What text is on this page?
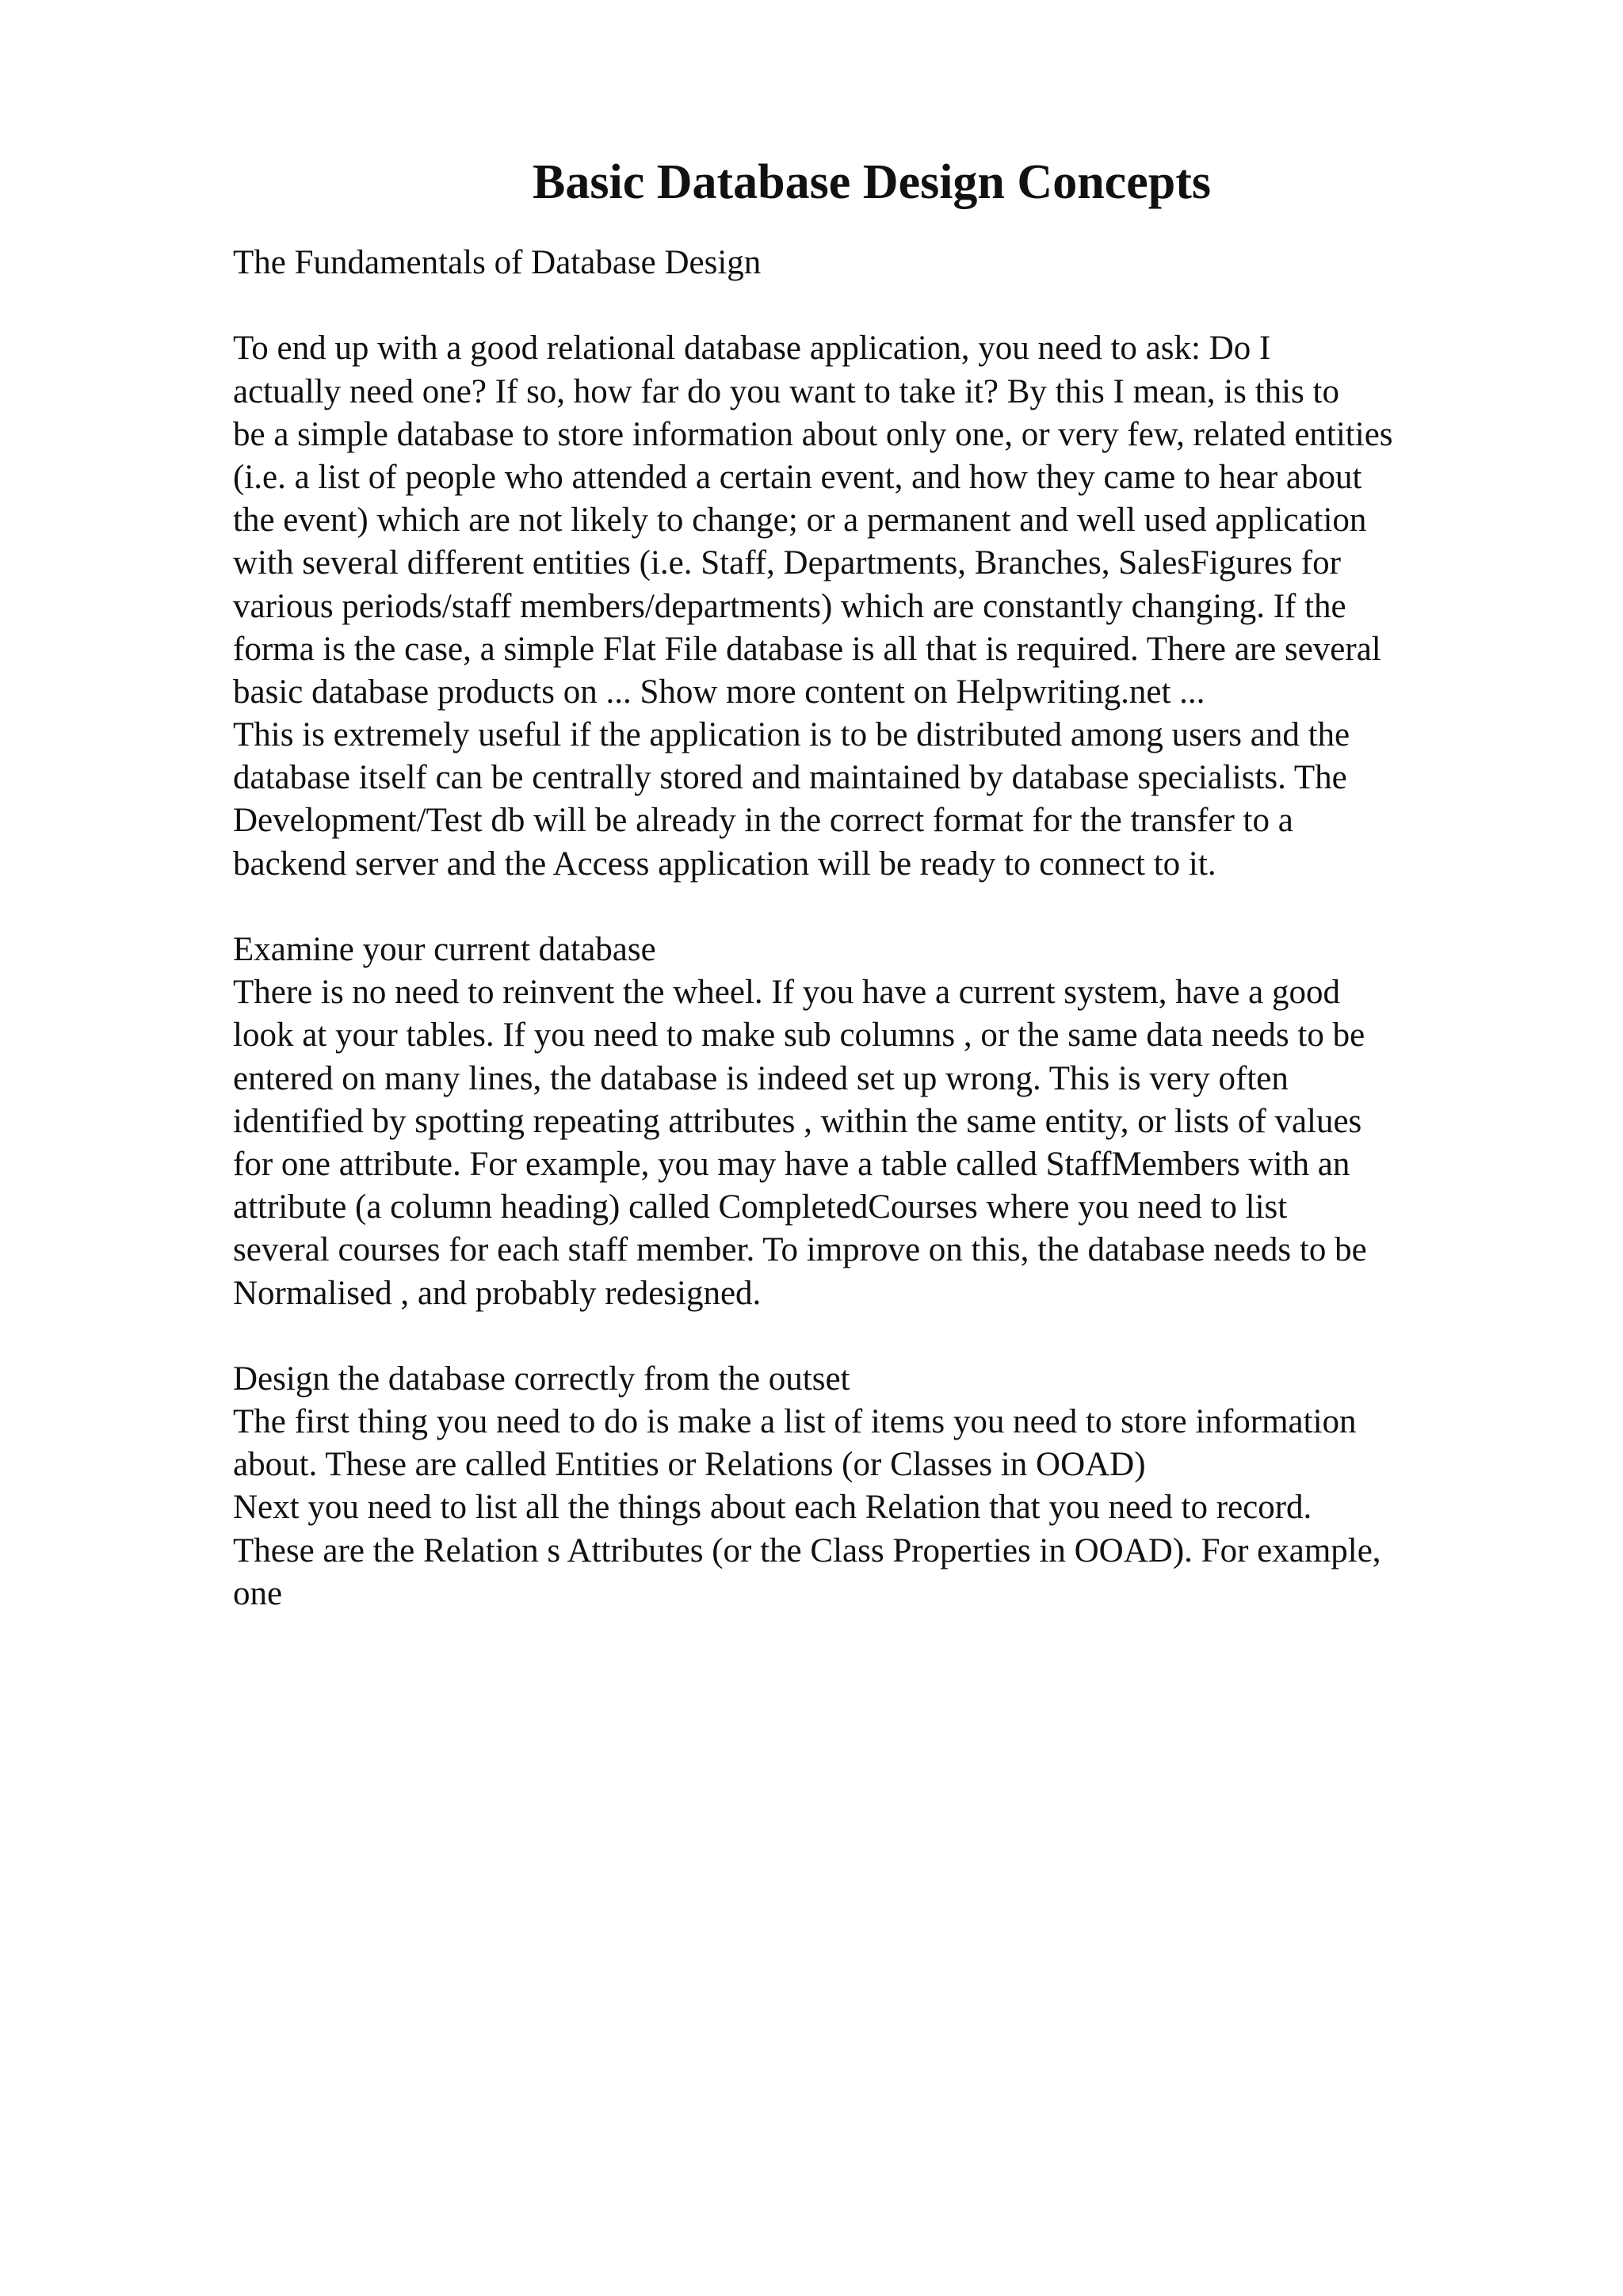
Basic Database Design Concepts
The Fundamentals of Database Design
To end up with a good relational database application, you need to ask: Do I
actually need one? If so, how far do you want to take it? By this I mean, is this to
be a simple database to store information about only one, or very few, related entities
(i.e. a list of people who attended a certain event, and how they came to hear about
the event) which are not likely to change; or a permanent and well used application
with several different entities (i.e. Staff, Departments, Branches, SalesFigures for
various periods/staff members/departments) which are constantly changing. If the
forma is the case, a simple Flat File database is all that is required. There are several
basic database products on ... Show more content on Helpwriting.net ...
This is extremely useful if the application is to be distributed among users and the
database itself can be centrally stored and maintained by database specialists. The
Development/Test db will be already in the correct format for the transfer to a
backend server and the Access application will be ready to connect to it.
Examine your current database
There is no need to reinvent the wheel. If you have a current system, have a good
look at your tables. If you need to make sub columns , or the same data needs to be
entered on many lines, the database is indeed set up wrong. This is very often
identified by spotting repeating attributes , within the same entity, or lists of values
for one attribute. For example, you may have a table called StaffMembers with an
attribute (a column heading) called CompletedCourses where you need to list
several courses for each staff member. To improve on this, the database needs to be
Normalised , and probably redesigned.
Design the database correctly from the outset
The first thing you need to do is make a list of items you need to store information
about. These are called Entities or Relations (or Classes in OOAD)
Next you need to list all the things about each Relation that you need to record.
These are the Relation s Attributes (or the Class Properties in OOAD). For example,
one
